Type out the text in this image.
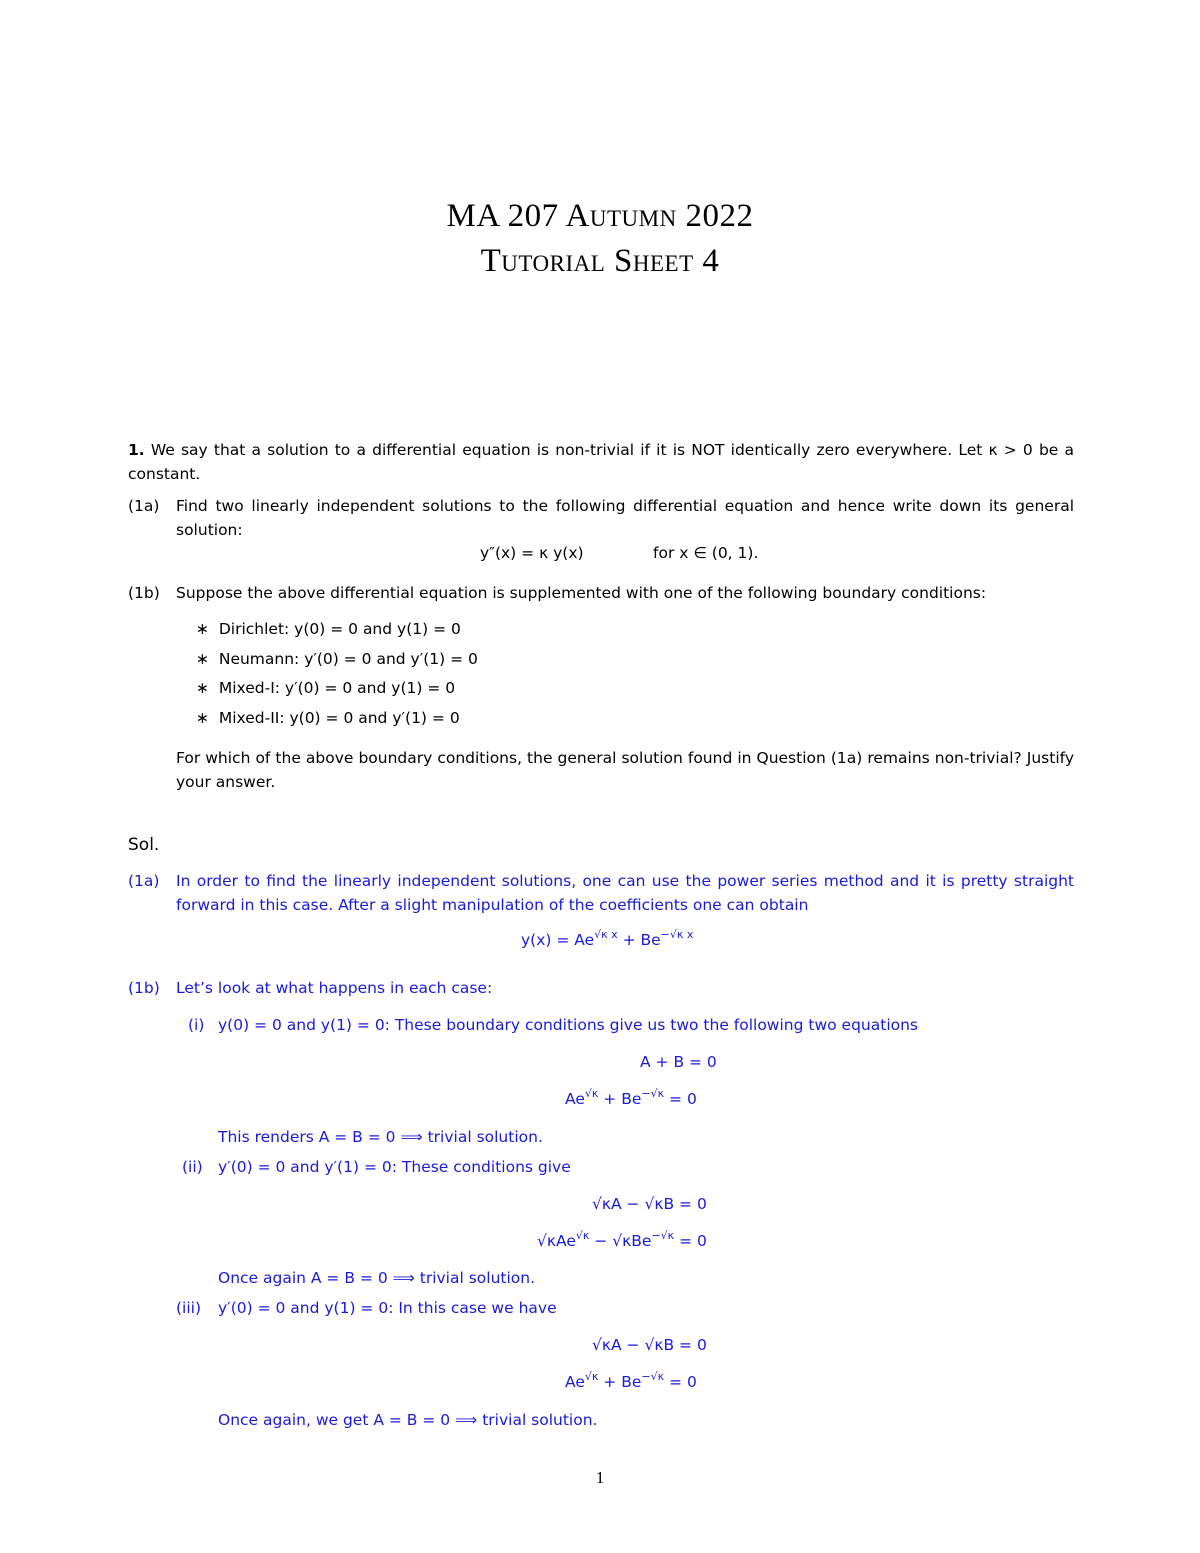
MA 207 Autumn 2022
Tutorial Sheet 4
1. We say that a solution to a differential equation is non-trivial if it is NOT identically zero everywhere. Let κ > 0 be a constant.
(1a) Find two linearly independent solutions to the following differential equation and hence write down its general solution:
y″(x) = κ y(x)	for x ∈ (0, 1).
(1b) Suppose the above differential equation is supplemented with one of the following boundary conditions:
∗  Dirichlet: y(0) = 0 and y(1) = 0
∗  Neumann: y′(0) = 0 and y′(1) = 0
∗  Mixed-I: y′(0) = 0 and y(1) = 0
∗  Mixed-II: y(0) = 0 and y′(1) = 0
For which of the above boundary conditions, the general solution found in Question (1a) remains non-trivial? Justify your answer.
Sol.
(1a) In order to find the linearly independent solutions, one can use the power series method and it is pretty straight forward in this case. After a slight manipulation of the coefficients one can obtain
$y(x) = Ae^{√\kappa x} + Be^{-√\kappa x}$
(1b) Let’s look at what happens in each case:
(i) y(0) = 0 and y(1) = 0: These boundary conditions give us two the following two equations
A + B = 0
$Ae^{√\kappa} + Be^{-√\kappa} = 0$
This renders A = B = 0 ⟹ trivial solution.
(ii) y′(0) = 0 and y′(1) = 0: These conditions give
√κA − √κB = 0
√κAe$^{√\kappa}$ − √κBe$^{-√\kappa}$ = 0
Once again A = B = 0 ⟹ trivial solution.
(iii) y′(0) = 0 and y(1) = 0: In this case we have
√κA − √κB = 0
$Ae^{√\kappa} + Be^{-√\kappa} = 0$
Once again, we get A = B = 0 ⟹ trivial solution.
1
